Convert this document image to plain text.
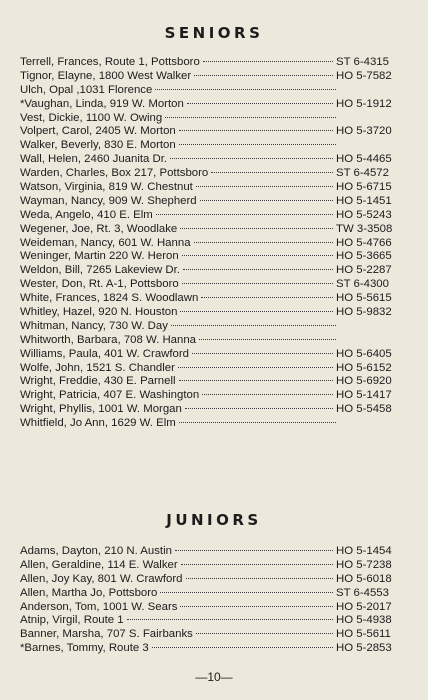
SENIORS
Terrell, Frances, Route 1, Pottsboro	ST 6-4315
Tignor, Elayne, 1800 West Walker	HO 5-7582
Ulch, Opal ,1031 Florence
*Vaughan, Linda, 919 W. Morton	HO 5-1912
Vest, Dickie, 1100 W. Owing
Volpert, Carol, 2405 W. Morton	HO 5-3720
Walker, Beverly, 830 E. Morton
Wall, Helen, 2460 Juanita Dr.	HO 5-4465
Warden, Charles, Box 217, Pottsboro	ST 6-4572
Watson, Virginia, 819 W. Chestnut	HO 5-6715
Wayman, Nancy, 909 W. Shepherd	HO 5-1451
Weda, Angelo, 410 E. Elm	HO 5-5243
Wegener, Joe, Rt. 3, Woodlake	TW 3-3508
Weideman, Nancy, 601 W. Hanna	HO 5-4766
Weninger, Martin 220 W. Heron	HO 5-3665
Weldon, Bill, 7265 Lakeview Dr.	HO 5-2287
Wester, Don, Rt. A-1, Pottsboro	ST 6-4300
White, Frances, 1824 S. Woodlawn	HO 5-5615
Whitley, Hazel, 920 N. Houston	HO 5-9832
Whitman, Nancy, 730 W. Day
Whitworth, Barbara, 708 W. Hanna
Williams, Paula, 401 W. Crawford	HO 5-6405
Wolfe, John, 1521 S. Chandler	HO 5-6152
Wright, Freddie, 430 E. Parnell	HO 5-6920
Wright, Patricia, 407 E. Washington	HO 5-1417
Wright, Phyllis, 1001 W. Morgan	HO 5-5458
Whitfield, Jo Ann, 1629 W. Elm
JUNIORS
Adams, Dayton, 210 N. Austin	HO 5-1454
Allen, Geraldine, 114 E. Walker	HO 5-7238
Allen, Joy Kay, 801 W. Crawford	HO 5-6018
Allen, Martha Jo, Pottsboro	ST 6-4553
Anderson, Tom, 1001 W. Sears	HO 5-2017
Atnip, Virgil, Route 1	HO 5-4938
Banner, Marsha, 707 S. Fairbanks	HO 5-5611
*Barnes, Tommy, Route 3	HO 5-2853
—10—
